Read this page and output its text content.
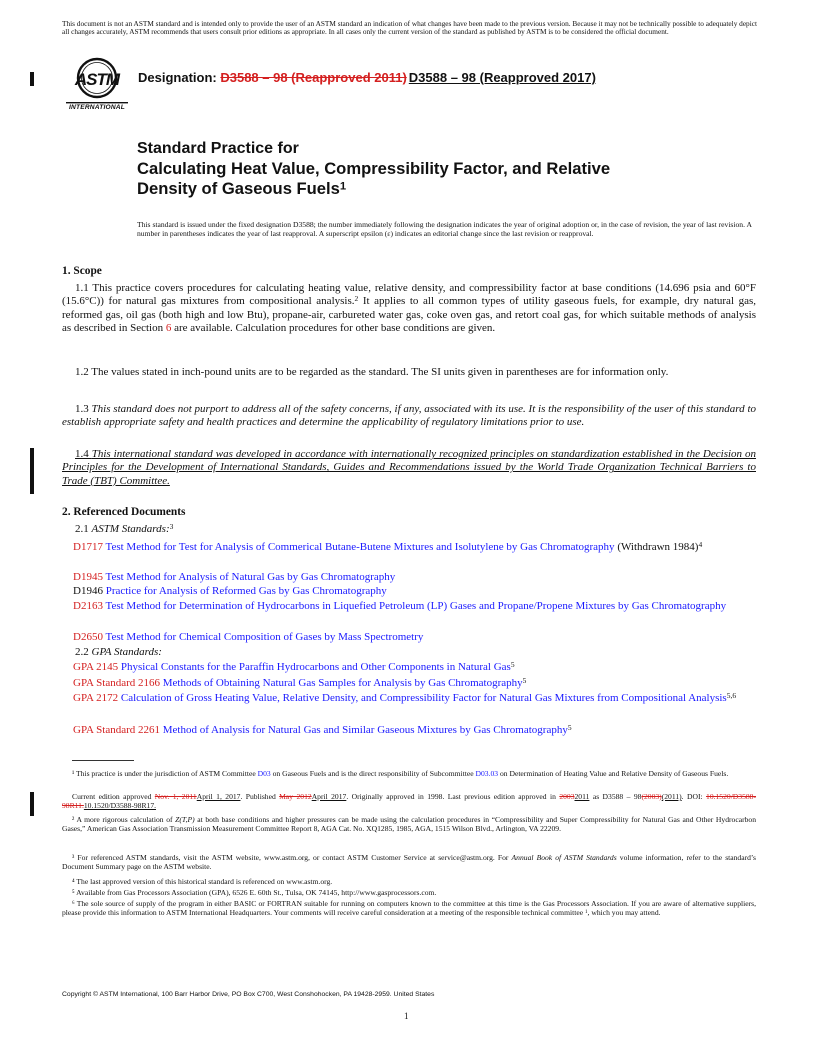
This document is not an ASTM standard and is intended only to provide the user of an ASTM standard an indication of what changes have been made to the previous version. Because it may not be technically possible to adequately depict all changes accurately, ASTM recommends that users consult prior editions as appropriate. In all cases only the current version of the standard as published by ASTM is to be considered the official document.
ASTM
INTERNATIONAL
Designation: D3588 – 98 (Reapproved 2011) D3588 – 98 (Reapproved 2017)
Standard Practice for
Calculating Heat Value, Compressibility Factor, and Relative
Density of Gaseous Fuels$^1$
This standard is issued under the fixed designation D3588; the number immediately following the designation indicates the year of original adoption or, in the case of revision, the year of last revision. A number in parentheses indicates the year of last reapproval. A superscript epsilon (ε) indicates an editorial change since the last revision or reapproval.
1. Scope
1.1 This practice covers procedures for calculating heating value, relative density, and compressibility factor at base conditions (14.696 psia and 60°F (15.6°C)) for natural gas mixtures from compositional analysis.$^2$ It applies to all common types of utility gaseous fuels, for example, dry natural gas, reformed gas, oil gas (both high and low Btu), propane-air, carbureted water gas, coke oven gas, and retort coal gas, for which suitable methods of analysis as described in Section 6 are available. Calculation procedures for other base conditions are given.
1.2 The values stated in inch-pound units are to be regarded as the standard. The SI units given in parentheses are for information only.
1.3 This standard does not purport to address all of the safety concerns, if any, associated with its use. It is the responsibility of the user of this standard to establish appropriate safety and health practices and determine the applicability of regulatory limitations prior to use.
1.4 This international standard was developed in accordance with internationally recognized principles on standardization established in the Decision on Principles for the Development of International Standards, Guides and Recommendations issued by the World Trade Organization Technical Barriers to Trade (TBT) Committee.
2. Referenced Documents
2.1 ASTM Standards:$^3$
D1717 Test Method for Test for Analysis of Commerical Butane-Butene Mixtures and Isolutylene by Gas Chromatography (Withdrawn 1984)$^4$
D1945 Test Method for Analysis of Natural Gas by Gas Chromatography
D1946 Practice for Analysis of Reformed Gas by Gas Chromatography
D2163 Test Method for Determination of Hydrocarbons in Liquefied Petroleum (LP) Gases and Propane/Propene Mixtures by Gas Chromatography
D2650 Test Method for Chemical Composition of Gases by Mass Spectrometry
2.2 GPA Standards:
GPA 2145 Physical Constants for the Paraffin Hydrocarbons and Other Components in Natural Gas$^5$
GPA Standard 2166 Methods of Obtaining Natural Gas Samples for Analysis by Gas Chromatography$^5$
GPA 2172 Calculation of Gross Heating Value, Relative Density, and Compressibility Factor for Natural Gas Mixtures from Compositional Analysis$^{5,6}$
GPA Standard 2261 Method of Analysis for Natural Gas and Similar Gaseous Mixtures by Gas Chromatography$^5$
¹ This practice is under the jurisdiction of ASTM Committee D03 on Gaseous Fuels and is the direct responsibility of Subcommittee D03.03 on Determination of Heating Value and Relative Density of Gaseous Fuels.
Current edition approved Nov. 1, 2011April 1, 2017. Published May 2012April 2017. Originally approved in 1998. Last previous edition approved in 20032011 as D3588 – 98(2003)(2011). DOI: 10.1520/D3588-98R11.10.1520/D3588-98R17.
² A more rigorous calculation of Z(T,P) at both base conditions and higher pressures can be made using the calculation procedures in “Compressibility and Super Compressibility for Natural Gas and Other Hydrocarbon Gases,” American Gas Association Transmission Measurement Committee Report 8, AGA Cat. No. XQ1285, 1985, AGA, 1515 Wilson Blvd., Arlington, VA 22209.
³ For referenced ASTM standards, visit the ASTM website, www.astm.org, or contact ASTM Customer Service at service@astm.org. For Annual Book of ASTM Standards volume information, refer to the standard’s Document Summary page on the ASTM website.
⁴ The last approved version of this historical standard is referenced on www.astm.org.
⁵ Available from Gas Processors Association (GPA), 6526 E. 60th St., Tulsa, OK 74145, http://www.gasprocessors.com.
⁶ The sole source of supply of the program in either BASIC or FORTRAN suitable for running on computers known to the committee at this time is the Gas Processors Association. If you are aware of alternative suppliers, please provide this information to ASTM International Headquarters. Your comments will receive careful consideration at a meeting of the responsible technical committee $^1$, which you may attend.
Copyright © ASTM International, 100 Barr Harbor Drive, PO Box C700, West Conshohocken, PA 19428-2959. United States
1
